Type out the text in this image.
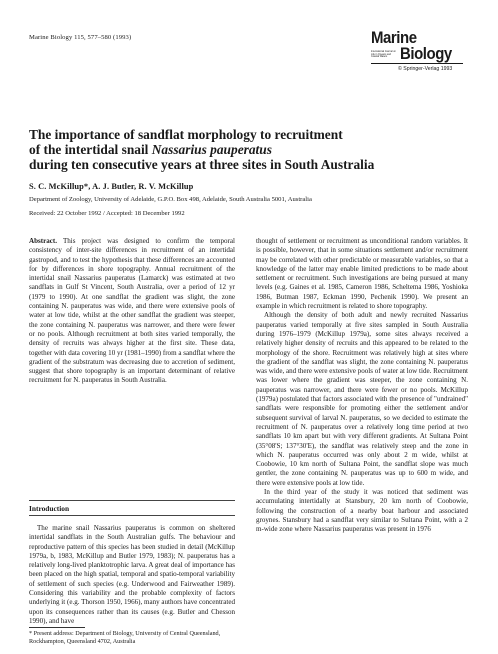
Marine Biology 115, 577–580 (1993)	Marine
International Journal on Life in Oceans and Coastal Waters Biology
© Springer-Verlag 1993
The importance of sandflat morphology to recruitment
of the intertidal snail Nassarius pauperatus
during ten consecutive years at three sites in South Australia
S. C. McKillup*, A. J. Butler, R. V. McKillup
Department of Zoology, University of Adelaide, G.P.O. Box 498, Adelaide, South Australia 5001, Australia
Received: 22 October 1992 / Accepted: 18 December 1992

Abstract. This project was designed to confirm the temporal consistency of inter-site differences in recruitment of an intertidal gastropod, and to test the hypothesis that these differences are accounted for by differences in shore topography. Annual recruitment of the intertidal snail Nassarius pauperatus (Lamarck) was estimated at two sandflats in Gulf St Vincent, South Australia, over a period of 12 yr (1979 to 1990). At one sandflat the gradient was slight, the zone containing N. pauperatus was wide, and there were extensive pools of water at low tide, whilst at the other sandflat the gradient was steeper, the zone containing N. pauperatus was narrower, and there were fewer or no pools. Although recruitment at both sites varied temporally, the density of recruits was always higher at the first site. These data, together with data covering 10 yr (1981–1990) from a sandflat where the gradient of the substratum was decreasing due to accretion of sediment, suggest that shore topography is an important determinant of relative recruitment for N. pauperatus in South Australia.

Introduction

The marine snail Nassarius pauperatus is common on sheltered intertidal sandflats in the South Australian gulfs. The behaviour and reproductive pattern of this species has been studied in detail (McKillup 1979a, b, 1983, McKillup and Butler 1979, 1983); N. pauperatus has a relatively long-lived planktotrophic larva. A great deal of importance has been placed on the high spatial, temporal and spatio-temporal variability of settlement of such species (e.g. Underwood and Fairweather 1989). Considering this variability and the probable complexity of factors underlying it (e.g. Thorson 1950, 1966), many authors have concentrated upon its consequences rather than its causes (e.g. Butler and Chesson 1990), and have

thought of settlement or recruitment as unconditional random variables. It is possible, however, that in some situations settlement and/or recruitment may be correlated with other predictable or measurable variables, so that a knowledge of the latter may enable limited predictions to be made about settlement or recruitment. Such investigations are being pursued at many levels (e.g. Gaines et al. 1985, Cameron 1986, Scheltema 1986, Yoshioka 1986, Butman 1987, Eckman 1990, Pechenik 1990). We present an example in which recruitment is related to shore topography.

Although the density of both adult and newly recruited Nassarius pauperatus varied temporally at five sites sampled in South Australia during 1976–1979 (McKillup 1979a), some sites always received a relatively higher density of recruits and this appeared to be related to the morphology of the shore. Recruitment was relatively high at sites where the gradient of the sandflat was slight, the zone containing N. pauperatus was wide, and there were extensive pools of water at low tide. Recruitment was lower where the gradient was steeper, the zone containing N. pauperatus was narrower, and there were fewer or no pools. McKillup (1979a) postulated that factors associated with the presence of "undrained" sandflats were responsible for promoting either the settlement and/or subsequent survival of larval N. pauperatus, so we decided to estimate the recruitment of N. pauperatus over a relatively long time period at two sandflats 10 km apart but with very different gradients. At Sultana Point (35°08'S; 137°30'E), the sandflat was relatively steep and the zone in which N. pauperatus occurred was only about 2 m wide, whilst at Coobowie, 10 km north of Sultana Point, the sandflat slope was much gentler, the zone containing N. pauperatus was up to 600 m wide, and there were extensive pools at low tide.

In the third year of the study it was noticed that sediment was accumulating intertidally at Stansbury, 20 km north of Coobowie, following the construction of a nearby boat harbour and associated groynes. Stansbury had a sandflat very similar to Sultana Point, with a 2 m-wide zone where Nassarius pauperatus was present in 1976

* Present address: Department of Biology, University of Central Queensland, Rockhampton, Queensland 4702, Australia
